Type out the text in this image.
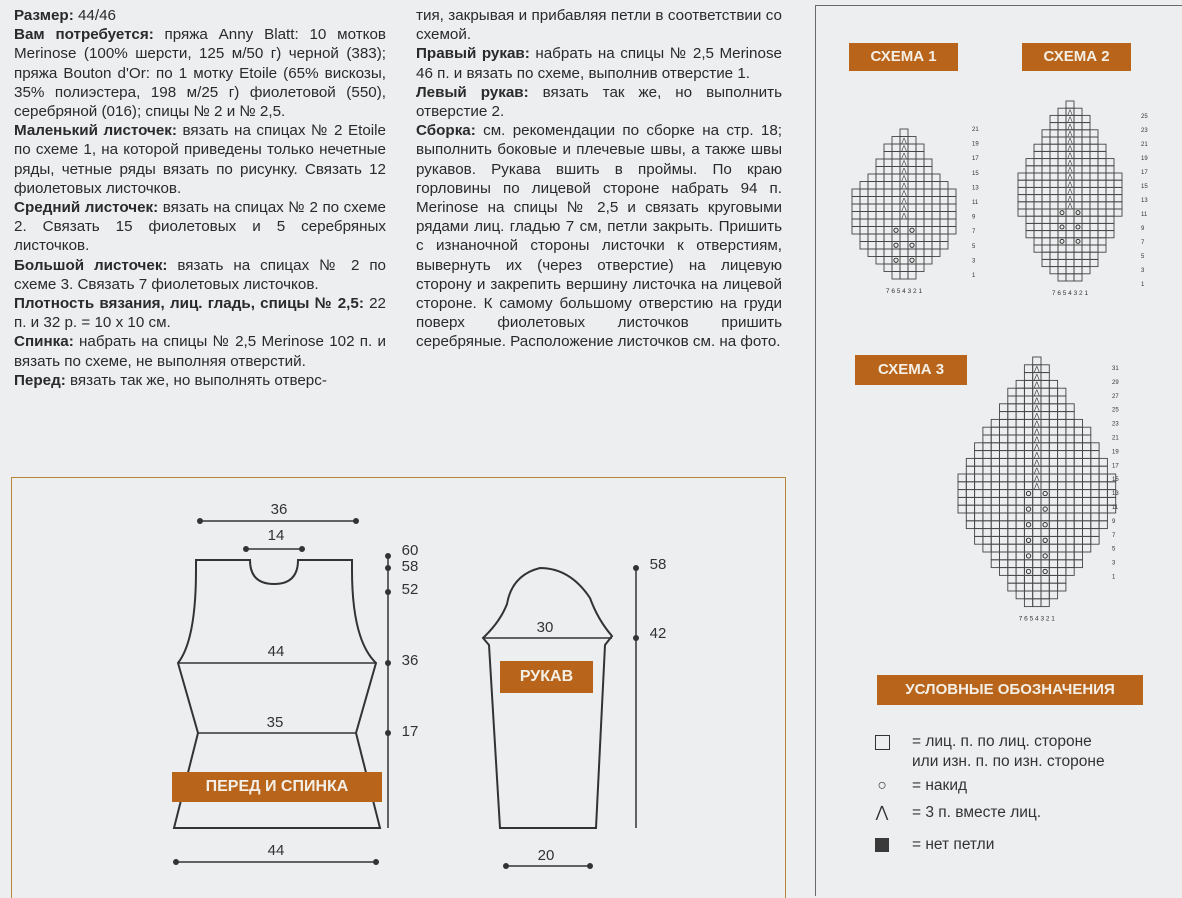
Размер: 44/46

Вам потребуется: пряжа Anny Blatt: 10 мотков Merinose (100% шерсти, 125 м/50 г) черной (383); пряжа Bouton d'Or: по 1 мотку Etoile (65% вискозы, 35% полиэстера, 198 м/25 г) фиолетовой (550), серебряной (016); спицы № 2 и № 2,5.

Маленький листочек: вязать на спицах № 2 Etoile по схеме 1, на которой приведены только нечетные ряды, четные ряды вязать по рисунку. Связать 12 фиолетовых листочков.

Средний листочек: вязать на спицах № 2 по схеме 2. Связать 15 фиолетовых и 5 серебряных листочков.

Большой листочек: вязать на спицах № 2 по схеме 3. Связать 7 фиолетовых листочков.

Плотность вязания, лиц. гладь, спицы № 2,5: 22 п. и 32 р. = 10 х 10 см.

Спинка: набрать на спицы № 2,5 Merinose 102 п. и вязать по схеме, не выполняя отверстий.

Перед: вязать так же, но выполнять отверс-

тия, закрывая и прибавляя петли в соответствии со схемой.

Правый рукав: набрать на спицы № 2,5 Merinose 46 п. и вязать по схеме, выполнив отверстие 1.

Левый рукав: вязать так же, но выполнить отверстие 2.

Сборка: см. рекомендации по сборке на стр. 18; выполнить боковые и плечевые швы, а также швы рукавов. Рукава вшить в проймы. По краю горловины по лицевой стороне набрать 94 п. Merinose на спицы № 2,5 и связать круговыми рядами лиц. гладью 7 см, петли закрыть. Пришить с изнаночной стороны листочки к отверстиям, вывернуть их (через отверстие) на лицевую сторону и закрепить вершину листочка на лицевой стороне. К самому большому отверстию на груди поверх фиолетовых листочков пришить серебряные. Расположение листочков см. на фото.

СХЕМА 1	СХЕМА 2
СХЕМА 3
⋀
⋀
⋀
⋀
⋀
⋀
⋀
⋀
⋀
⋀
⋀
21
19
17
15
13
11
9
7
5
3
1
7 6 5 4 3 2 1
⋀
⋀
⋀
⋀
⋀
⋀
⋀
⋀
⋀
⋀
⋀
⋀
⋀
⋀
25
23
21
19
17
15
13
11
9
7
5
3
1
7 6 5 4 3 2 1
⋀
⋀
⋀
⋀
⋀
⋀
⋀
⋀
⋀
⋀
⋀
⋀
⋀
⋀
⋀
⋀
31
29
27
25
23
21
19
17
15
13
11
9
7
5
3
1
7 6 5 4 3 2 1
УСЛОВНЫЕ ОБОЗНАЧЕНИЯ
= лиц. п. по лиц. стороне
или изн. п. по изн. стороне
○	= накид
⋀	= 3 п. вместе лиц.
= нет петли
36
14
44
35
44
60
58
52
36
17
30
20
58
42
ПЕРЕД И СПИНКА
РУКАВ
